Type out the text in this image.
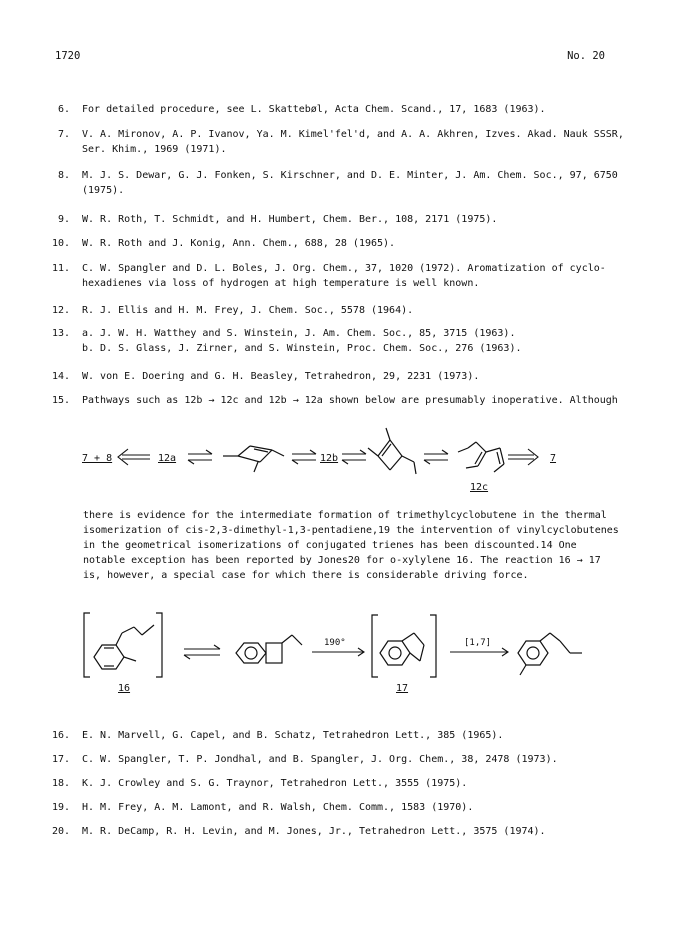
1720	No. 20
6. For detailed procedure, see L. Skattebøl, Acta Chem. Scand., 17, 1683 (1963).
7. V. A. Mironov, A. P. Ivanov, Ya. M. Kimel'fel'd, and A. A. Akhren, Izves. Akad. Nauk SSSR,
Ser. Khim., 1969 (1971).
8. M. J. S. Dewar, G. J. Fonken, S. Kirschner, and D. E. Minter, J. Am. Chem. Soc., 97, 6750
(1975).
9. W. R. Roth, T. Schmidt, and H. Humbert, Chem. Ber., 108, 2171 (1975).
10. W. R. Roth and J. Konig, Ann. Chem., 688, 28 (1965).
11. C. W. Spangler and D. L. Boles, J. Org. Chem., 37, 1020 (1972). Aromatization of cyclo-
hexadienes via loss of hydrogen at high temperature is well known.
12. R. J. Ellis and H. M. Frey, J. Chem. Soc., 5578 (1964).
13. a. J. W. H. Watthey and S. Winstein, J. Am. Chem. Soc., 85, 3715 (1963).
b. D. S. Glass, J. Zirner, and S. Winstein, Proc. Chem. Soc., 276 (1963).
14. W. von E. Doering and G. H. Beasley, Tetrahedron, 29, 2231 (1973).
15. Pathways such as 12b → 12c and 12b → 12a shown below are presumably inoperative. Although
7 + 8	12a	12b
12c
7
there is evidence for the intermediate formation of trimethylcyclobutene in the thermal
isomerization of cis-2,3-dimethyl-1,3-pentadiene,19 the intervention of vinylcyclobutenes
in the geometrical isomerizations of conjugated trienes has been discounted.14 One
notable exception has been reported by Jones20 for o-xylylene 16. The reaction 16 → 17
is, however, a special case for which there is considerable driving force.
16
190°
17
[1,7]
16. E. N. Marvell, G. Capel, and B. Schatz, Tetrahedron Lett., 385 (1965).
17. C. W. Spangler, T. P. Jondhal, and B. Spangler, J. Org. Chem., 38, 2478 (1973).
18. K. J. Crowley and S. G. Traynor, Tetrahedron Lett., 3555 (1975).
19. H. M. Frey, A. M. Lamont, and R. Walsh, Chem. Comm., 1583 (1970).
20. M. R. DeCamp, R. H. Levin, and M. Jones, Jr., Tetrahedron Lett., 3575 (1974).
